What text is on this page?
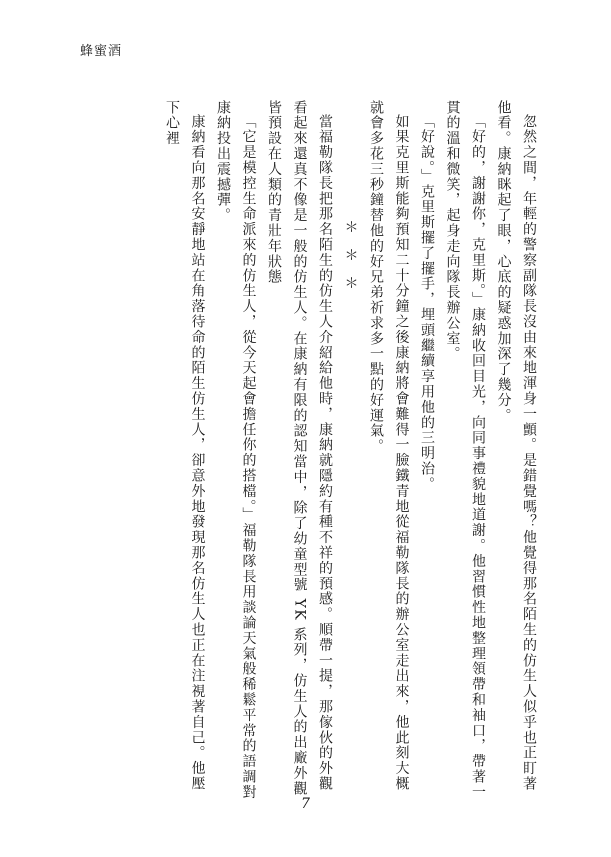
蜂蜜酒

忽然之間，年輕的警察副隊長沒由來地渾身一顫。是錯覺嗎？他覺得那名陌生的仿生人似乎也正盯著他看。康納眯起了眼，心底的疑惑加深了幾分。

「好的，謝謝你，克里斯。」康納收回目光，向同事禮貌地道謝。他習慣性地整理領帶和袖口，帶著一貫的溫和微笑，起身走向隊長辦公室。

「好說。」克里斯擺了擺手，埋頭繼續享用他的三明治。

如果克里斯能夠預知二十分鐘之後康納將會難得一臉鐵青地從福勒隊長的辦公室走出來，他此刻大概就會多花三秒鐘替他的好兄弟祈求多一點的好運氣。

＊＊＊

當福勒隊長把那名陌生的仿生人介紹給他時，康納就隱約有種不祥的預感。順帶一提，那傢伙的外觀看起來還真不像是一般的仿生人。在康納有限的認知當中，除了幼童型號 YK 系列，仿生人的出廠外觀皆預設在人類的青壯年狀態

「它是模控生命派來的仿生人，從今天起會擔任你的搭檔。」福勒隊長用談論天氣般稀鬆平常的語調對康納投出震撼彈。

康納看向那名安靜地站在角落待命的陌生仿生人，卻意外地發現那名仿生人也正在注視著自己。他壓下心裡

7
